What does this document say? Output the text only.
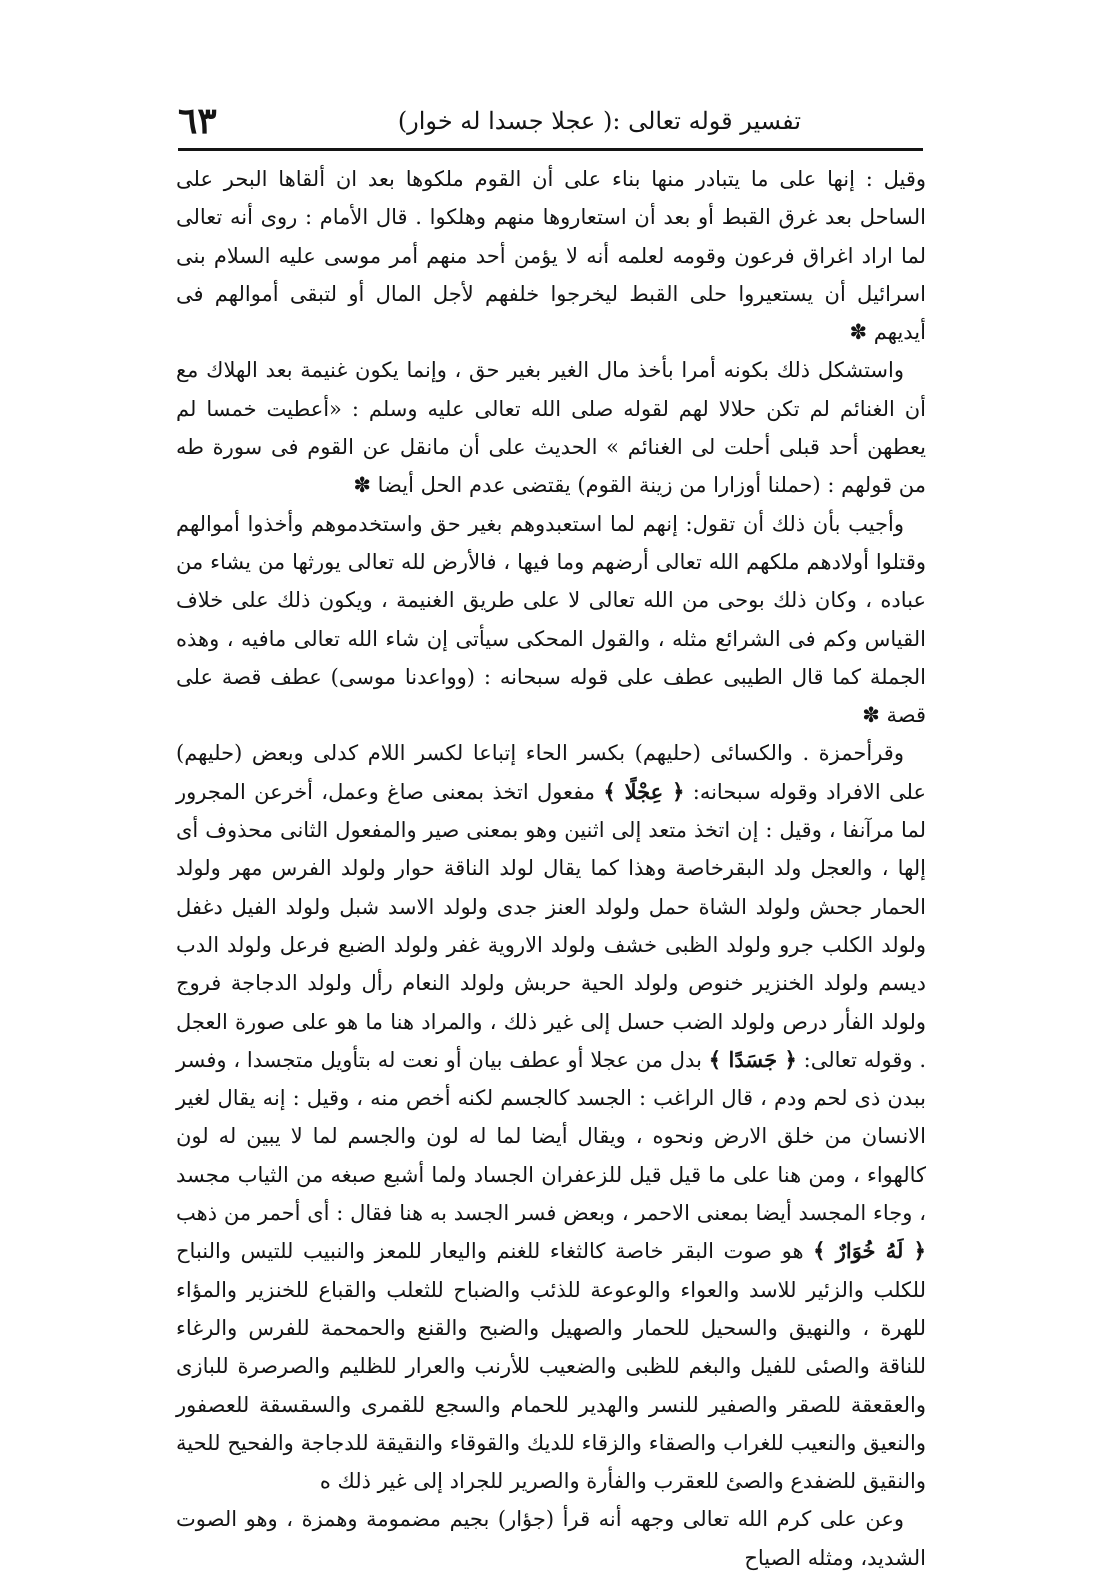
٦٣	تفسير قوله تعالى :( عجلا جسدا له خوار)

وقيل : إنها على ما يتبادر منها بناء على أن القوم ملكوها بعد ان ألقاها البحر على الساحل بعد غرق القبط أو بعد أن استعاروها منهم وهلكوا . قال الأمام : روى أنه تعالى لما اراد اغراق فرعون وقومه لعلمه أنه لا يؤمن أحد منهم أمر موسى عليه السلام بنى اسرائيل أن يستعيروا حلى القبط ليخرجوا خلفهم لأجل المال أو لتبقى أموالهم فى أيديهم ✽

واستشكل ذلك بكونه أمرا بأخذ مال الغير بغير حق ، وإنما يكون غنيمة بعد الهلاك مع أن الغنائم لم تكن حلالا لهم لقوله صلى الله تعالى عليه وسلم : «أعطيت خمسا لم يعطهن أحد قبلى أحلت لى الغنائم » الحديث على أن مانقل عن القوم فى سورة طه من قولهم : (حملنا أوزارا من زينة القوم) يقتضى عدم الحل أيضا ✽

وأجيب بأن ذلك أن تقول: إنهم لما استعبدوهم بغير حق واستخدموهم وأخذوا أموالهم وقتلوا أولادهم ملكهم الله تعالى أرضهم وما فيها ، فالأرض لله تعالى يورثها من يشاء من عباده ، وكان ذلك بوحى من الله تعالى لا على طريق الغنيمة ، ويكون ذلك على خلاف القياس وكم فى الشرائع مثله ، والقول المحكى سيأتى إن شاء الله تعالى مافيه ، وهذه الجملة كما قال الطيبى عطف على قوله سبحانه : (وواعدنا موسى) عطف قصة على قصة ✽

وقرأحمزة . والكسائى (حليهم) بكسر الحاء إتباعا لكسر اللام كدلى وبعض (حليهم) على الافراد وقوله سبحانه: ﴿ عِجْلًا ﴾ مفعول اتخذ بمعنى صاغ وعمل، أخرعن المجرور لما مرآنفا ، وقيل : إن اتخذ متعد إلى اثنين وهو بمعنى صير والمفعول الثانى محذوف أى إلها ، والعجل ولد البقرخاصة وهذا كما يقال لولد الناقة حوار ولولد الفرس مهر ولولد الحمار جحش ولولد الشاة حمل ولولد العنز جدى ولولد الاسد شبل ولولد الفيل دغفل ولولد الكلب جرو ولولد الظبى خشف ولولد الاروية غفر ولولد الضبع فرعل ولولد الدب ديسم ولولد الخنزير خنوص ولولد الحية حربش ولولد النعام رأل ولولد الدجاجة فروج ولولد الفأر درص ولولد الضب حسل إلى غير ذلك ، والمراد هنا ما هو على صورة العجل . وقوله تعالى: ﴿ جَسَدًا ﴾ بدل من عجلا أو عطف بيان أو نعت له بتأويل متجسدا ، وفسر ببدن ذى لحم ودم ، قال الراغب : الجسد كالجسم لكنه أخص منه ، وقيل : إنه يقال لغير الانسان من خلق الارض ونحوه ، ويقال أيضا لما له لون والجسم لما لا يبين له لون كالهواء ، ومن هنا على ما قيل قيل للزعفران الجساد ولما أشبع صبغه من الثياب مجسد ، وجاء المجسد أيضا بمعنى الاحمر ، وبعض فسر الجسد به هنا فقال : أى أحمر من ذهب ﴿ لَهُ خُوَارٌ ﴾ هو صوت البقر خاصة كالثغاء للغنم واليعار للمعز والنبيب للتيس والنباح للكلب والزئير للاسد والعواء والوعوعة للذئب والضباح للثعلب والقباع للخنزير والمؤاء للهرة ، والنهيق والسحيل للحمار والصهيل والضبح والقنع والحمحمة للفرس والرغاء للناقة والصئى للفيل والبغم للظبى والضعيب للأرنب والعرار للظليم والصرصرة للبازى والعقعقة للصقر والصفير للنسر والهدير للحمام والسجع للقمرى والسقسقة للعصفور والنعيق والنعيب للغراب والصقاء والزقاء للديك والقوقاء والنقيقة للدجاجة والفحيح للحية والنقيق للضفدع والصئ للعقرب والفأرة والصرير للجراد إلى غير ذلك ه

وعن على كرم الله تعالى وجهه أنه قرأ (جؤار) بجيم مضمومة وهمزة ، وهو الصوت الشديد، ومثله الصياح
